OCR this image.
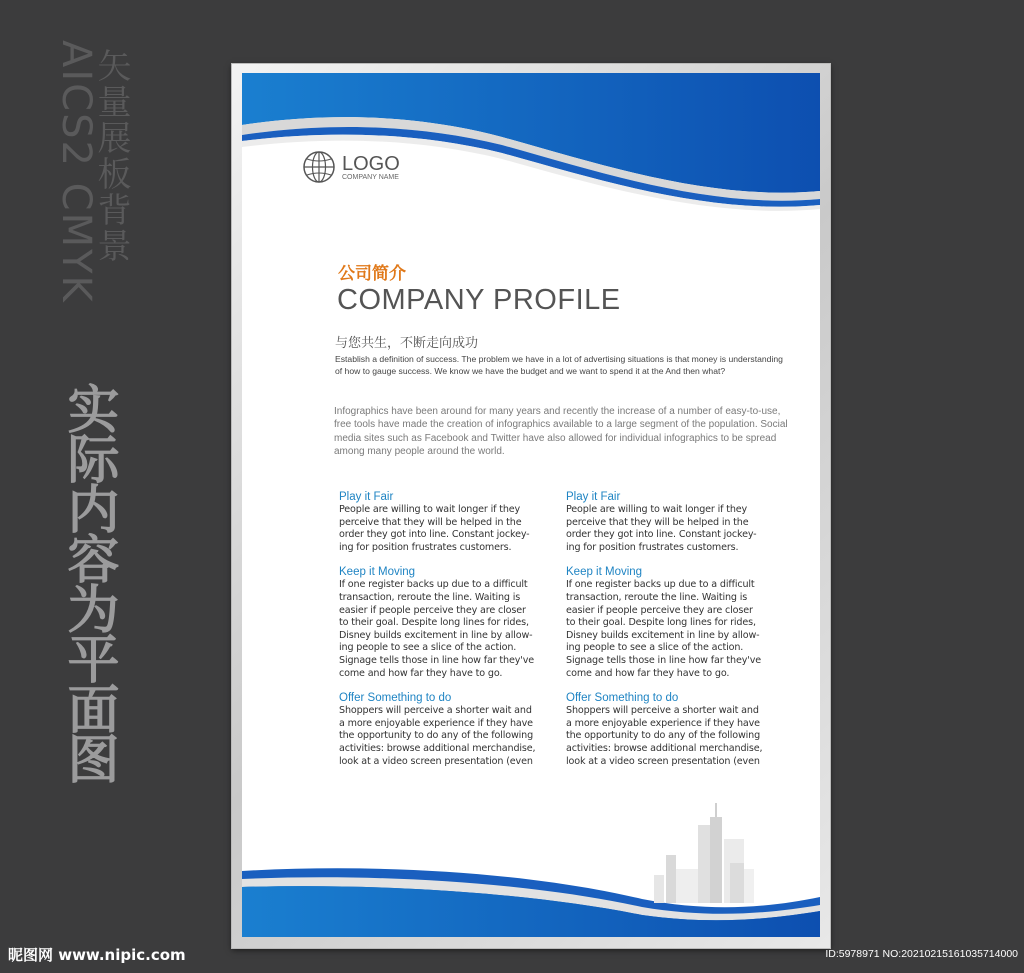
AICS2 CMYK
矢量展板背景
实际内容为平面图
LOGO
COMPANY NAME
公司简介
COMPANY PROFILE
与您共生，不断走向成功
Establish a definition of success. The problem we have in a lot of advertising situations is that money is understanding of how to gauge success. We know we have the budget and we want to spend it at the And then what?
Infographics have been around for many years and recently the increase of a number of easy-to-use, free tools have made the creation of infographics available to a large segment of the population. Social media sites such as Facebook and Twitter have also allowed for individual infographics to be spread among many people around the world.
Play it Fair
People are willing to wait longer if they
perceive that they will be helped in the
order they got into line. Constant jockey-
ing for position frustrates customers.
Keep it Moving
If one register backs up due to a difficult
transaction, reroute the line. Waiting is
easier if people perceive they are closer
to their goal. Despite long lines for rides,
Disney builds excitement in line by allow-
ing people to see a slice of the action.
Signage tells those in line how far they've
come and how far they have to go.
Offer Something to do
Shoppers will perceive a shorter wait and
a more enjoyable experience if they have
the opportunity to do any of the following
activities: browse additional merchandise,
look at a video screen presentation (even
Play it Fair
People are willing to wait longer if they
perceive that they will be helped in the
order they got into line. Constant jockey-
ing for position frustrates customers.
Keep it Moving
If one register backs up due to a difficult
transaction, reroute the line. Waiting is
easier if people perceive they are closer
to their goal. Despite long lines for rides,
Disney builds excitement in line by allow-
ing people to see a slice of the action.
Signage tells those in line how far they've
come and how far they have to go.
Offer Something to do
Shoppers will perceive a shorter wait and
a more enjoyable experience if they have
the opportunity to do any of the following
activities: browse additional merchandise,
look at a video screen presentation (even
昵图网 www.nipic.com	ID:5978971 NO:20210215161035714000
